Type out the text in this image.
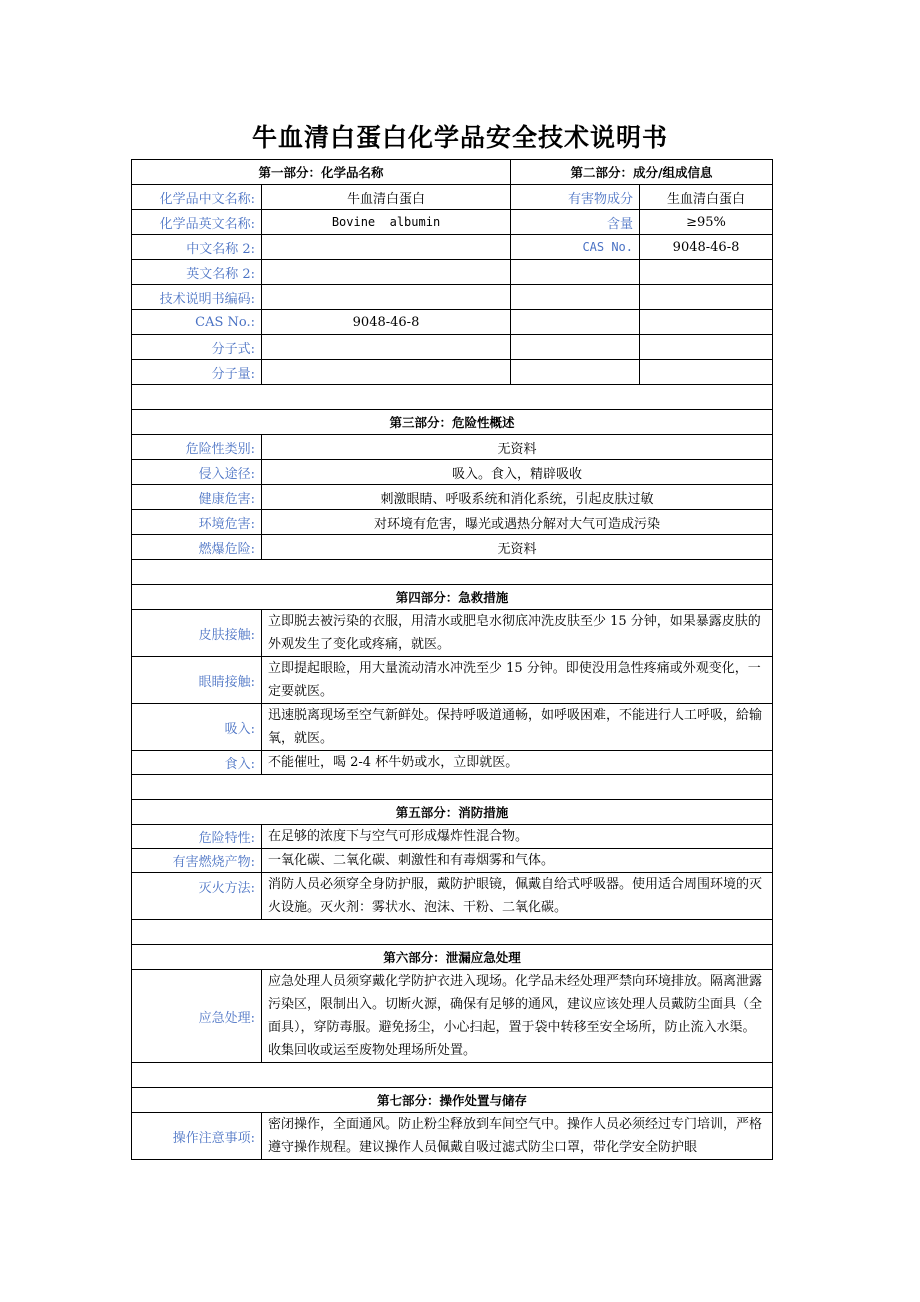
牛血清白蛋白化学品安全技术说明书
第一部分：化学品名称		第二部分：成分/组成信息	
化学品中文名称:	牛血清白蛋白	有害物成分	生血清白蛋白
化学品英文名称:	Bovine  albumin	含量	≥95%
中文名称 2:		CAS No.	9048-46-8
英文名称 2:			
技术说明书编码:			
CAS No.:	9048-46-8		
分子式:			
分子量:			

第三部分：危险性概述			
危险性类别:	无资料		
侵入途径:	吸入。食入，精辟吸收		
健康危害:	刺激眼睛、呼吸系统和消化系统，引起皮肤过敏		
环境危害:	对环境有危害，曝光或遇热分解对大气可造成污染		
燃爆危险:	无资料		

第四部分：急救措施			
皮肤接触:	立即脱去被污染的衣服，用清水或肥皂水彻底冲洗皮肤至少 15 分钟，如果暴露皮肤的外观发生了变化或疼痛，就医。		
眼睛接触:	立即提起眼睑，用大量流动清水冲洗至少 15 分钟。即使没用急性疼痛或外观变化，一定要就医。		
吸入:	迅速脱离现场至空气新鲜处。保持呼吸道通畅，如呼吸困难，不能进行人工呼吸，給输氧，就医。		
食入:	不能催吐，喝 2-4 杯牛奶或水，立即就医。		

第五部分：消防措施			
危险特性:	在足够的浓度下与空气可形成爆炸性混合物。		
有害燃烧产物:	一氧化碳、二氧化碳、刺激性和有毒烟雾和气体。		
灭火方法:	消防人员必须穿全身防护服，戴防护眼镜，佩戴自给式呼吸器。使用适合周围环境的灭火设施。灭火剂：雾状水、泡沫、干粉、二氧化碳。		

第六部分：泄漏应急处理			
应急处理:	应急处理人员须穿戴化学防护衣进入现场。化学品未经处理严禁向环境排放。隔离泄露污染区，限制出入。切断火源，确保有足够的通风，建议应该处理人员戴防尘面具（全面具），穿防毒服。避免扬尘，小心扫起，置于袋中转移至安全场所，防止流入水渠。收集回收或运至废物处理场所处置。		

第七部分：操作处置与储存			
操作注意事项:	密闭操作，全面通风。防止粉尘释放到车间空气中。操作人员必须经过专门培训，严格遵守操作规程。建议操作人员佩戴自吸过滤式防尘口罩，带化学安全防护眼		
